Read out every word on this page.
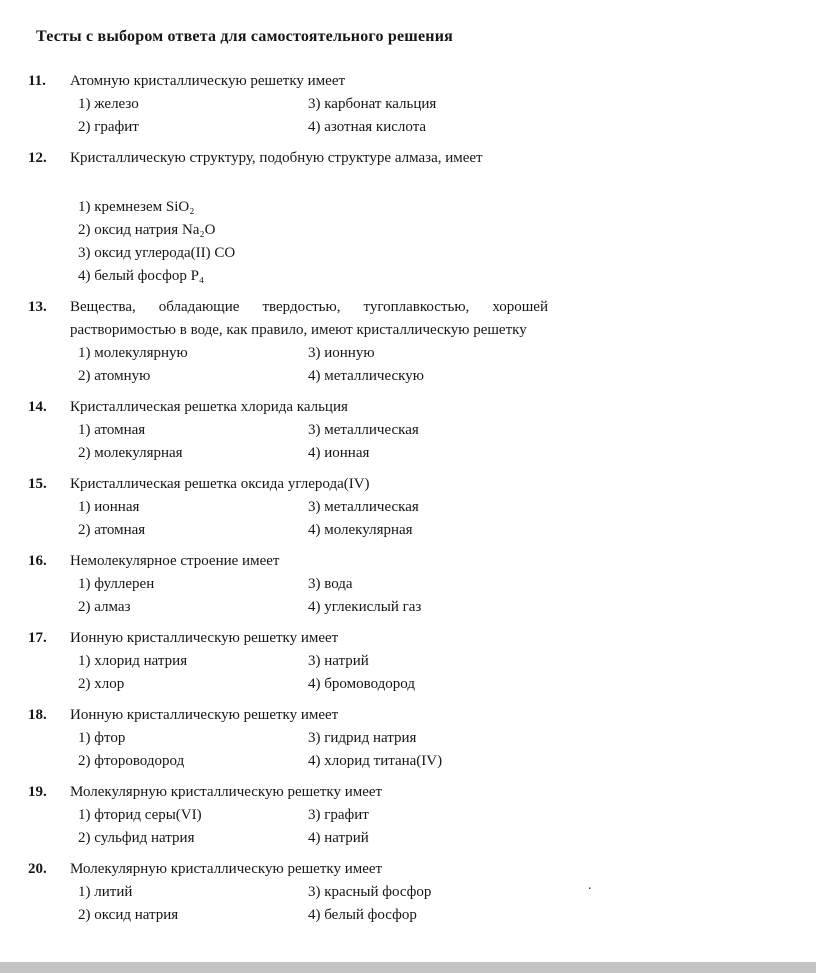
Тесты с выбором ответа для самостоятельного решения
11.	Атомную кристаллическую решетку имеет
1) железо	3) карбонат кальция
2) графит	4) азотная кислота
12.	Кристаллическую структуру, подобную структуре алмаза, имеет
1) кремнезем SiO₂
2) оксид натрия Na₂O
3) оксид углерода(II) CO
4) белый фосфор P₄
13.	Вещества, обладающие твердостью, тугоплавкостью, хорошей растворимостью в воде, как правило, имеют кристаллическую решетку
1) молекулярную	3) ионную
2) атомную	4) металлическую
14.	Кристаллическая решетка хлорида кальция
1) атомная	3) металлическая
2) молекулярная	4) ионная
15.	Кристаллическая решетка оксида углерода(IV)
1) ионная	3) металлическая
2) атомная	4) молекулярная
16.	Немолекулярное строение имеет
1) фуллерен	3) вода
2) алмаз	4) углекислый газ
17.	Ионную кристаллическую решетку имеет
1) хлорид натрия	3) натрий
2) хлор	4) бромоводород
18.	Ионную кристаллическую решетку имеет
1) фтор	3) гидрид натрия
2) фтороводород	4) хлорид титана(IV)
19.	Молекулярную кристаллическую решетку имеет
1) фторид серы(VI)	3) графит
2) сульфид натрия	4) натрий
20.	Молекулярную кристаллическую решетку имеет
1) литий	3) красный фосфор
2) оксид натрия	4) белый фосфор
.
